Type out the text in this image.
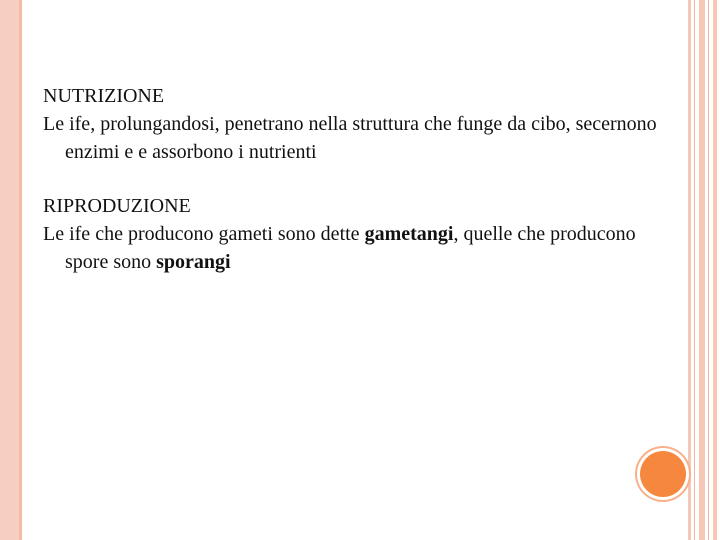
NUTRIZIONE

Le ife, prolungandosi, penetrano nella struttura che funge da cibo, secernono enzimi e e assorbono i nutrienti

RIPRODUZIONE

Le ife che producono gameti sono dette gametangi, quelle che producono spore sono sporangi
